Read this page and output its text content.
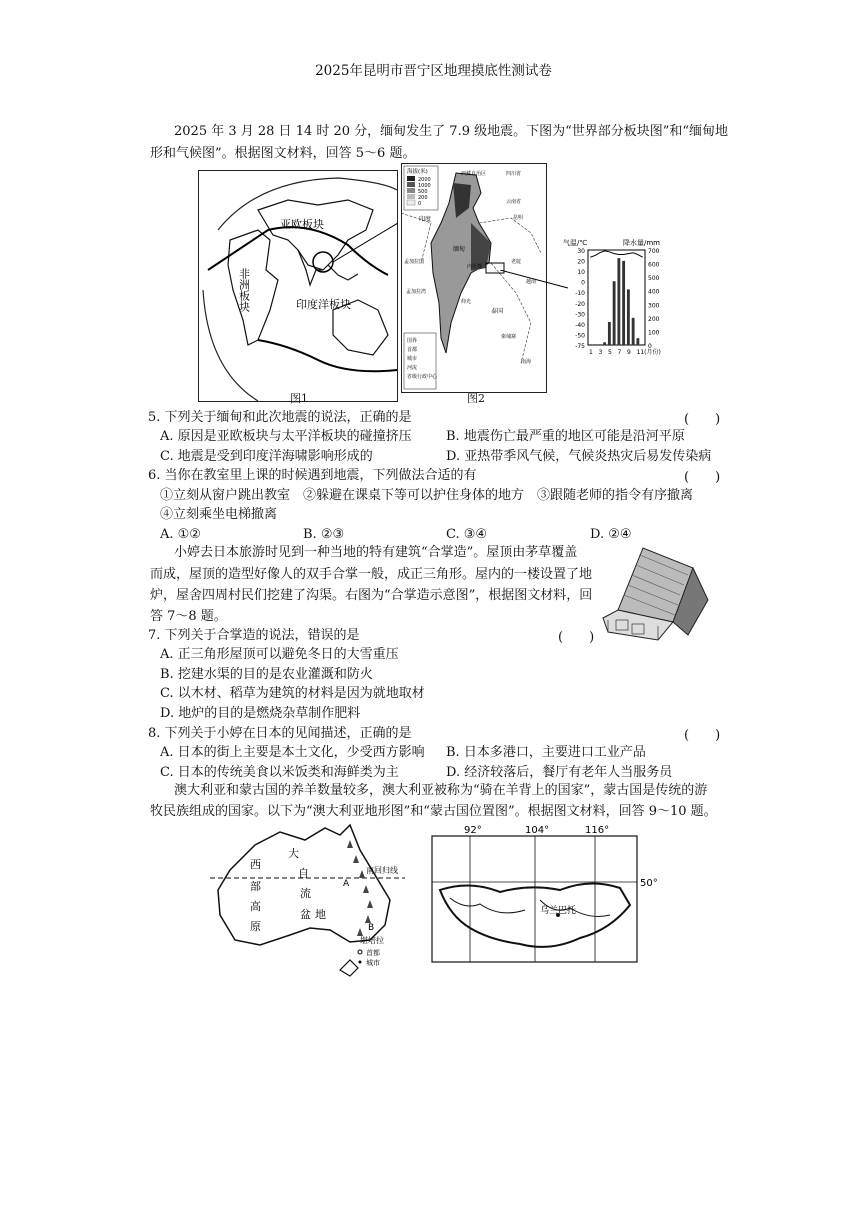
2025年昆明市晋宁区地理摸底性测试卷
2025 年 3 月 28 日 14 时 20 分，缅甸发生了 7.9 级地震。下图为“世界部分板块图”和“缅甸地
形和气候图”。根据图文材料，回答 5～6 题。
亚欧板块
非洲板块	印度洋板块
图1
海拔(米)
2000
1000
500
200
0
西藏自治区	四川省
云南省
昆明
印度
孟加拉国
缅甸
泰国
老挝
越南
柬埔寨
仰光
内比都
孟加拉湾
南海
国界
首都
城市
河流
省级行政中心
图2
气温/℃	降水量/mm
30
20
10
0
-10
-20
-30
-40
-50
-75
700
600
500
400
300
200
100
0
1 3 5 7 9 11(月份)
5. 下列关于缅甸和此次地震的说法，正确的是	(　　)
A. 原因是亚欧板块与太平洋板块的碰撞挤压	B. 地震伤亡最严重的地区可能是沿河平原
C. 地震是受到印度洋海啸影响形成的	D. 亚热带季风气候，气候炎热灾后易发传染病
6. 当你在教室里上课的时候遇到地震，下列做法合适的有	(　　)
①立刻从窗户跳出教室　②躲避在课桌下等可以护住身体的地方　③跟随老师的指令有序撤离
④立刻乘坐电梯撤离
A. ①②	B. ②③	C. ③④	D. ②④
小婷去日本旅游时见到一种当地的特有建筑“合掌造”。屋顶由茅草覆盖
而成，屋顶的造型好像人的双手合掌一般，成正三角形。屋内的一楼设置了地
炉，屋舍四周村民们挖建了沟渠。右图为“合掌造示意图”，根据图文材料，回
答 7～8 题。
7. 下列关于合掌造的说法，错误的是	(　　)
A. 正三角形屋顶可以避免冬日的大雪重压
B. 挖建水渠的目的是农业灌溉和防火
C. 以木材、稻草为建筑的材料是因为就地取材
D. 地炉的目的是燃烧杂草制作肥料
8. 下列关于小婷在日本的见闻描述，正确的是	(　　)
A. 日本的街上主要是本土文化，少受西方影响 B. 日本多港口，主要进口工业产品
C. 日本的传统美食以米饭类和海鲜类为主	D. 经济较落后，餐厅有老年人当服务员
澳大利亚和蒙古国的养羊数量较多，澳大利亚被称为“骑在羊背上的国家”，蒙古国是传统的游
牧民族组成的国家。以下为“澳大利亚地形图”和“蒙古国位置图”。根据图文材料，回答 9～10 题。
大
自
流
盆 地
西
部
高
原
南回归线
A
B
堪培拉
首都
城市
92°	104°	116°
50°
乌兰巴托
